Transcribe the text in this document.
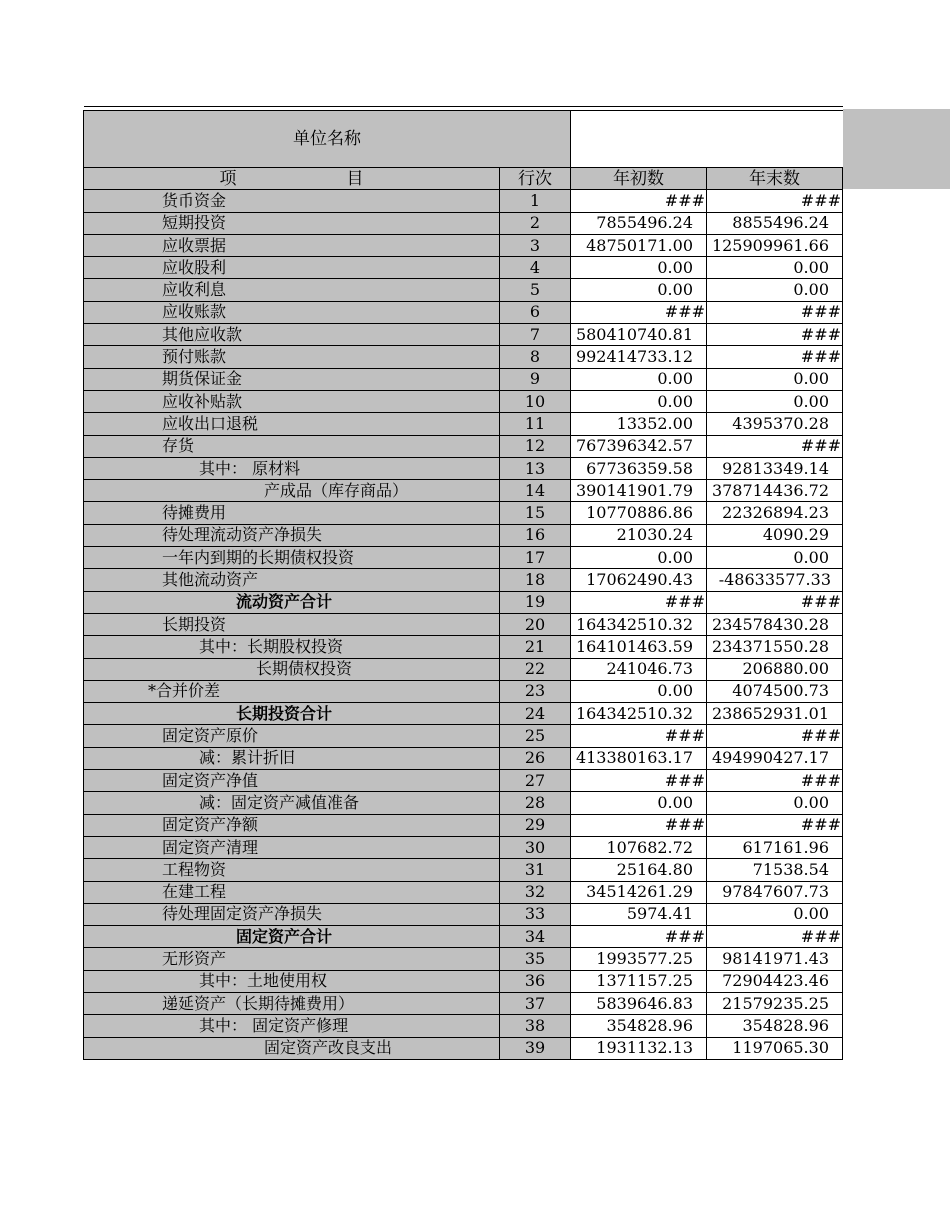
单位名称			
项 目	行次	年初数	年末数
货币资金	1	###	###
短期投资	2	7855496.24	8855496.24
应收票据	3	48750171.00	125909961.66
应收股利	4	0.00	0.00
应收利息	5	0.00	0.00
应收账款	6	###	###
其他应收款	7	580410740.81	###
预付账款	8	992414733.12	###
期货保证金	9	0.00	0.00
应收补贴款	10	0.00	0.00
应收出口退税	11	13352.00	4395370.28
存货	12	767396342.57	###
其中： 原材料	13	67736359.58	92813349.14
产成品（库存商品）	14	390141901.79	378714436.72
待摊费用	15	10770886.86	22326894.23
待处理流动资产净损失	16	21030.24	4090.29
一年内到期的长期债权投资	17	0.00	0.00
其他流动资产	18	17062490.43	-48633577.33
流动资产合计	19	###	###
长期投资	20	164342510.32	234578430.28
其中：长期股权投资	21	164101463.59	234371550.28
长期债权投资	22	241046.73	206880.00
*合并价差	23	0.00	4074500.73
长期投资合计	24	164342510.32	238652931.01
固定资产原价	25	###	###
减：累计折旧	26	413380163.17	494990427.17
固定资产净值	27	###	###
减：固定资产减值准备	28	0.00	0.00
固定资产净额	29	###	###
固定资产清理	30	107682.72	617161.96
工程物资	31	25164.80	71538.54
在建工程	32	34514261.29	97847607.73
待处理固定资产净损失	33	5974.41	0.00
固定资产合计	34	###	###
无形资产	35	1993577.25	98141971.43
其中：土地使用权	36	1371157.25	72904423.46
递延资产（长期待摊费用）	37	5839646.83	21579235.25
其中： 固定资产修理	38	354828.96	354828.96
固定资产改良支出	39	1931132.13	1197065.30
